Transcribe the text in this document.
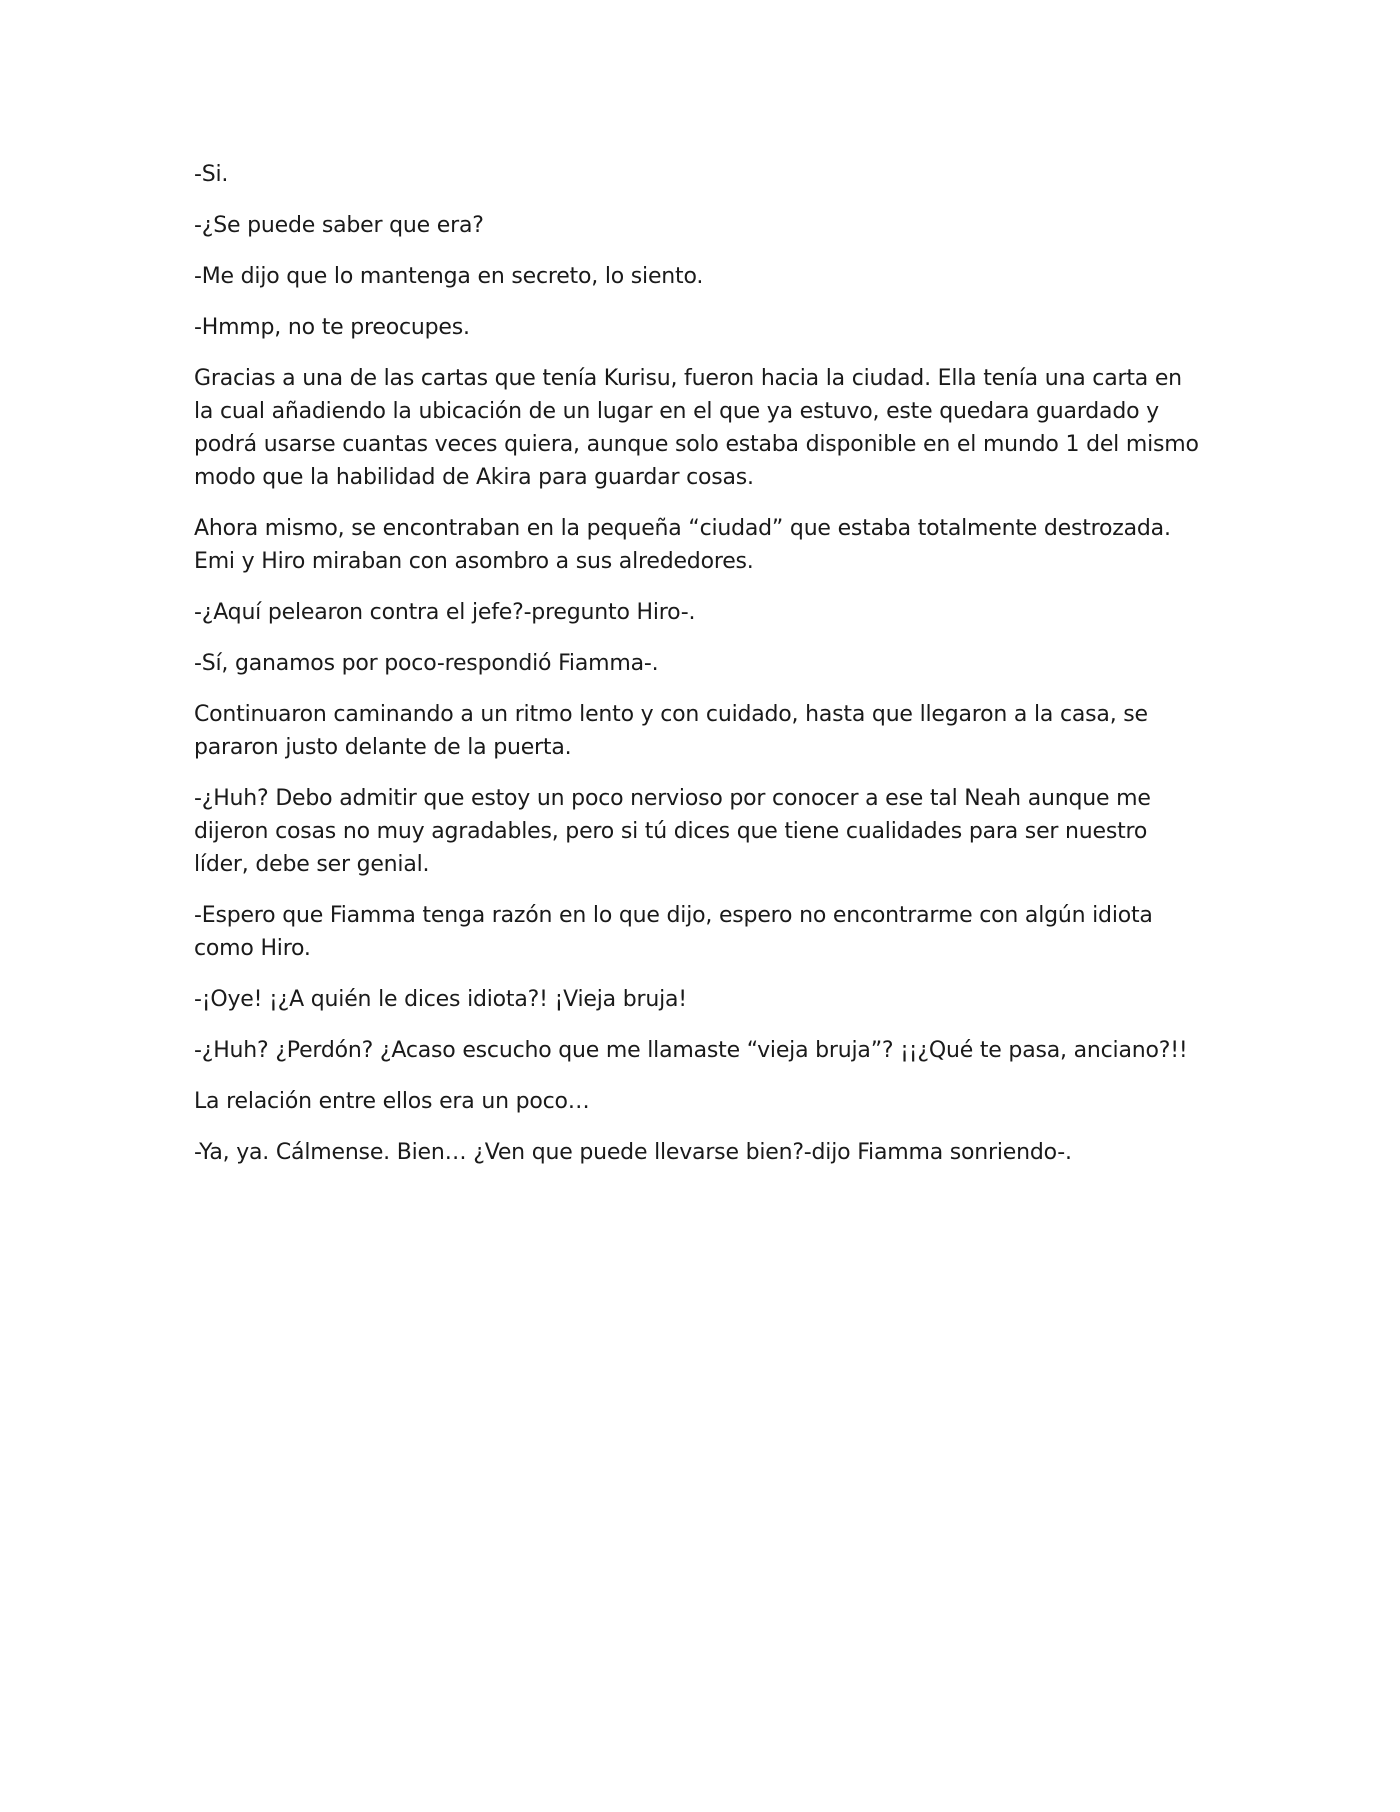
-Si.

-¿Se puede saber que era?

-Me dijo que lo mantenga en secreto, lo siento.

-Hmmp, no te preocupes.

Gracias a una de las cartas que tenía Kurisu, fueron hacia la ciudad. Ella tenía una carta en la cual añadiendo la ubicación de un lugar en el que ya estuvo, este quedara guardado y podrá usarse cuantas veces quiera, aunque solo estaba disponible en el mundo 1 del mismo modo que la habilidad de Akira para guardar cosas.

Ahora mismo, se encontraban en la pequeña “ciudad” que estaba totalmente destrozada. Emi y Hiro miraban con asombro a sus alrededores.

-¿Aquí pelearon contra el jefe?-pregunto Hiro-.

-Sí, ganamos por poco-respondió Fiamma-.

Continuaron caminando a un ritmo lento y con cuidado, hasta que llegaron a la casa, se pararon justo delante de la puerta.

-¿Huh? Debo admitir que estoy un poco nervioso por conocer a ese tal Neah aunque me dijeron cosas no muy agradables, pero si tú dices que tiene cualidades para ser nuestro líder, debe ser genial.

-Espero que Fiamma tenga razón en lo que dijo, espero no encontrarme con algún idiota como Hiro.

-¡Oye! ¡¿A quién le dices idiota?! ¡Vieja bruja!

-¿Huh? ¿Perdón? ¿Acaso escucho que me llamaste “vieja bruja”? ¡¡¿Qué te pasa, anciano?!!

La relación entre ellos era un poco…

-Ya, ya. Cálmense. Bien… ¿Ven que puede llevarse bien?-dijo Fiamma sonriendo-.
